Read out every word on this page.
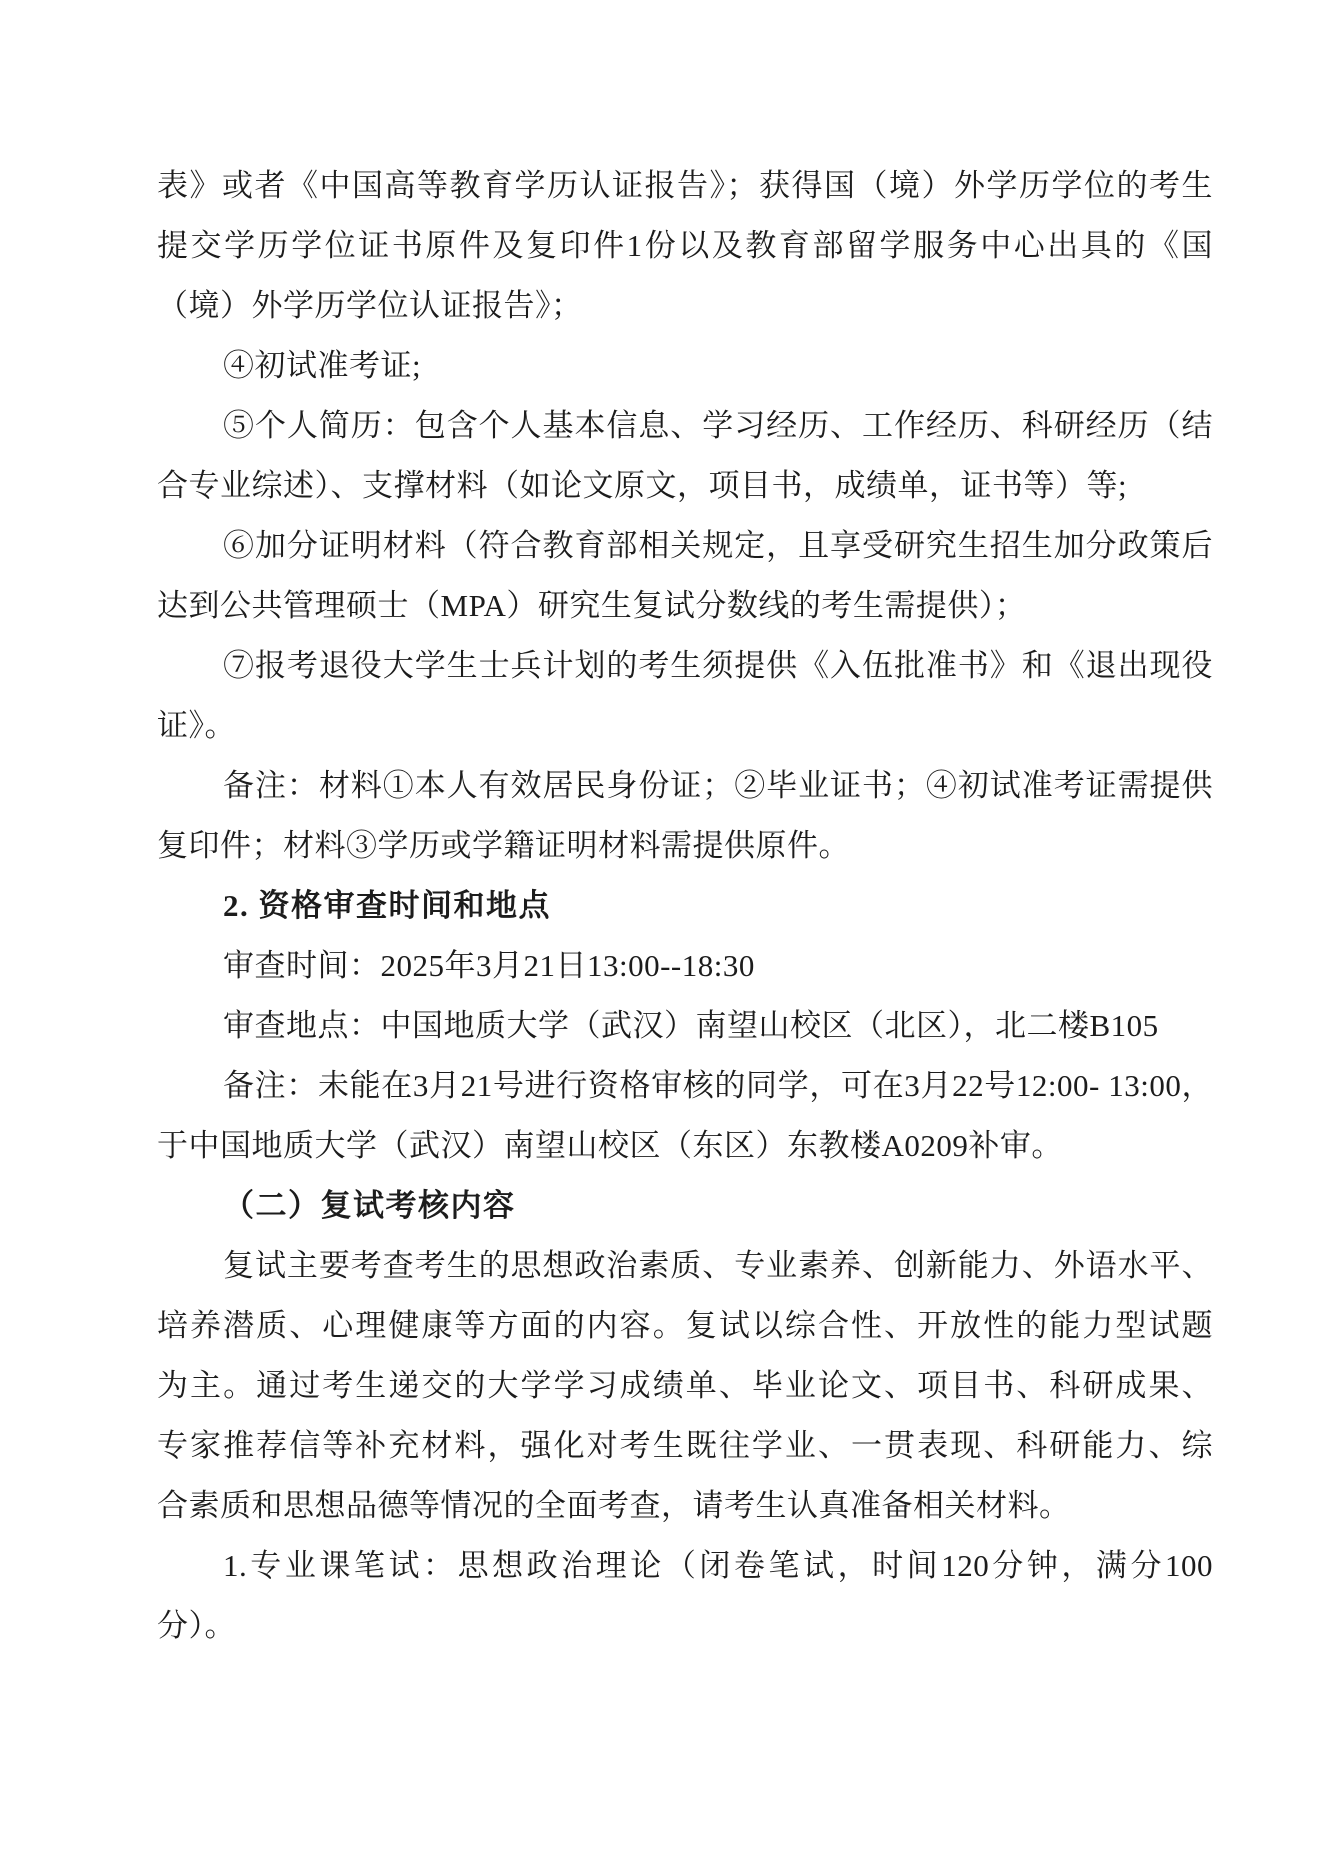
表》或者《中国高等教育学历认证报告》；获得国（境）外学历学位的考生
提交学历学位证书原件及复印件1份以及教育部留学服务中心出具的《国
（境）外学历学位认证报告》；
④初试准考证;
⑤个人简历：包含个人基本信息、学习经历、工作经历、科研经历（结
合专业综述）、支撑材料（如论文原文，项目书，成绩单，证书等）等;
⑥加分证明材料（符合教育部相关规定，且享受研究生招生加分政策后
达到公共管理硕士（MPA）研究生复试分数线的考生需提供）；
⑦报考退役大学生士兵计划的考生须提供《入伍批准书》和《退出现役
证》。
备注：材料①本人有效居民身份证；②毕业证书；④初试准考证需提供
复印件；材料③学历或学籍证明材料需提供原件。
2. 资格审查时间和地点
审查时间：2025年3月21日13:00--18:30
审查地点：中国地质大学（武汉）南望山校区（北区），北二楼B105
备注：未能在3月21号进行资格审核的同学，可在3月22号12:00- 13:00，
于中国地质大学（武汉）南望山校区（东区）东教楼A0209补审。
（二）复试考核内容
复试主要考查考生的思想政治素质、专业素养、创新能力、外语水平、
培养潜质、心理健康等方面的内容。复试以综合性、开放性的能力型试题
为主。通过考生递交的大学学习成绩单、毕业论文、项目书、科研成果、
专家推荐信等补充材料，强化对考生既往学业、一贯表现、科研能力、综
合素质和思想品德等情况的全面考查，请考生认真准备相关材料。
1.专业课笔试：思想政治理论（闭卷笔试，时间120分钟，满分100
分）。
